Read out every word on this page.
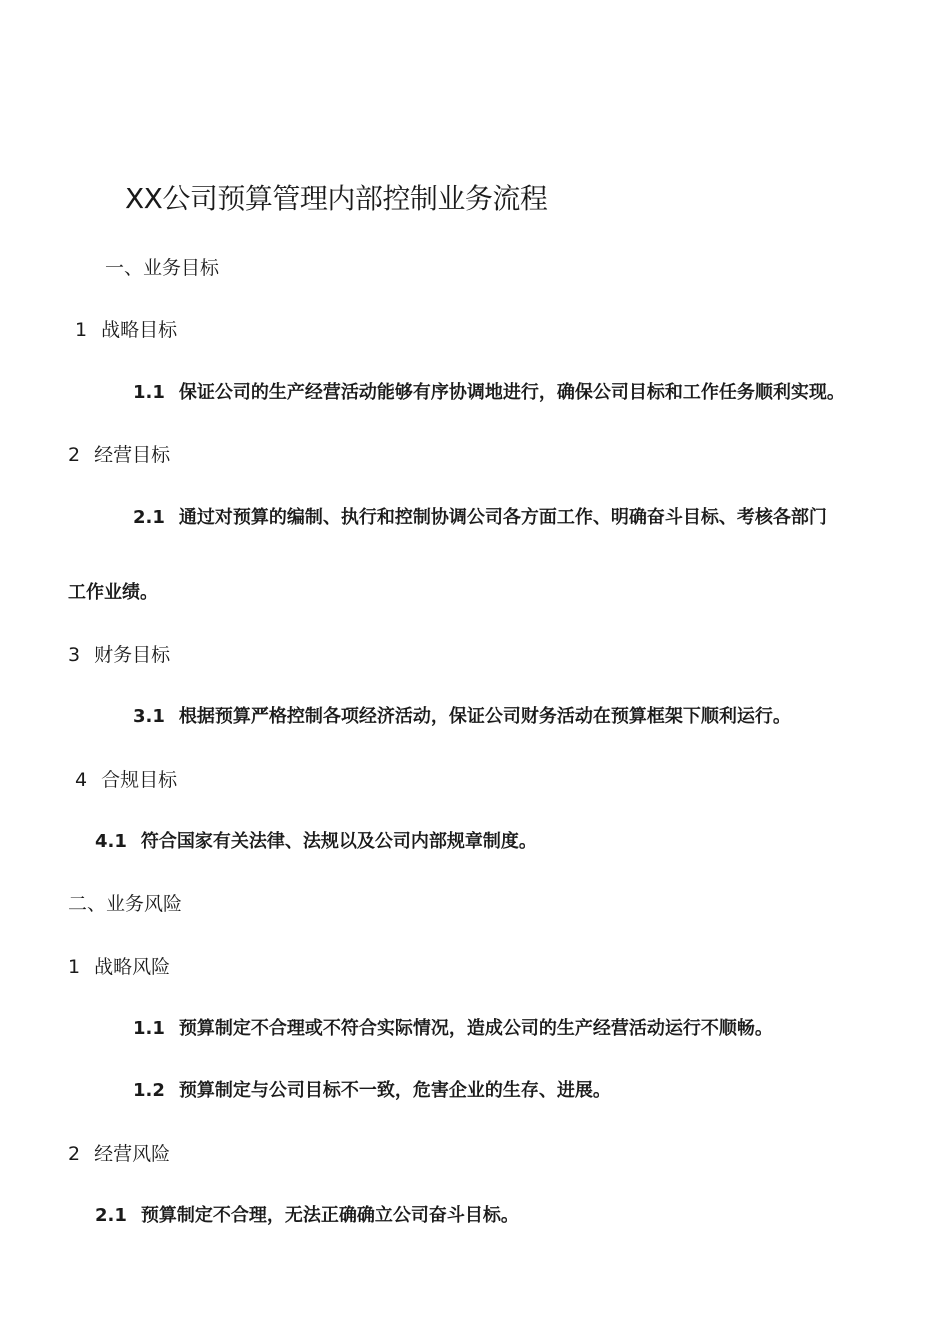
XX公司预算管理内部控制业务流程
一、业务目标
1 战略目标
1.1 保证公司的生产经营活动能够有序协调地进行，确保公司目标和工作任务顺利实现。
2 经营目标
2.1 通过对预算的编制、执行和控制协调公司各方面工作、明确奋斗目标、考核各部门
工作业绩。
3 财务目标
3.1 根据预算严格控制各项经济活动，保证公司财务活动在预算框架下顺利运行。
4 合规目标
4.1 符合国家有关法律、法规以及公司内部规章制度。
二、业务风险
1 战略风险
1.1 预算制定不合理或不符合实际情况，造成公司的生产经营活动运行不顺畅。
1.2 预算制定与公司目标不一致，危害企业的生存、进展。
2 经营风险
2.1 预算制定不合理，无法正确确立公司奋斗目标。
